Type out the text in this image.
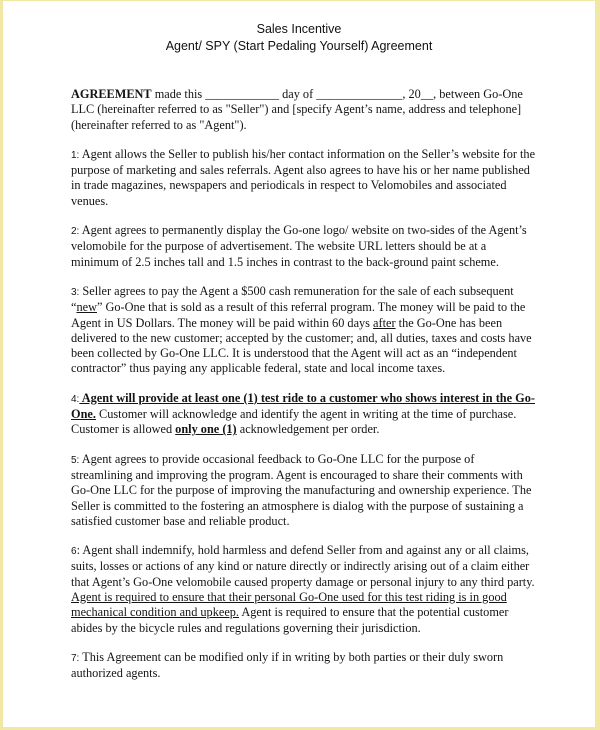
Sales Incentive
Agent/ SPY (Start Pedaling Yourself) Agreement

AGREEMENT made this ____________ day of ______________, 20__, between Go-One LLC (hereinafter referred to as "Seller") and [specify Agent’s name, address and telephone] (hereinafter referred to as "Agent").

1: Agent allows the Seller to publish his/her contact information on the Seller’s website for the purpose of marketing and sales referrals. Agent also agrees to have his or her name published in trade magazines, newspapers and periodicals in respect to Velomobiles and associated venues.

2: Agent agrees to permanently display the Go-one logo/ website on two-sides of the Agent’s velomobile for the purpose of advertisement. The website URL letters should be at a minimum of 2.5 inches tall and 1.5 inches in contrast to the back-ground paint scheme.

3: Seller agrees to pay the Agent a $500 cash remuneration for the sale of each subsequent “new” Go-One that is sold as a result of this referral program. The money will be paid to the Agent in US Dollars. The money will be paid within 60 days after the Go-One has been delivered to the new customer; accepted by the customer; and, all duties, taxes and costs have been collected by Go-One LLC. It is understood that the Agent will act as an “independent contractor” thus paying any applicable federal, state and local income taxes.

4: Agent will provide at least one (1) test ride to a customer who shows interest in the Go-One. Customer will acknowledge and identify the agent in writing at the time of purchase. Customer is allowed only one (1) acknowledgement per order.

5: Agent agrees to provide occasional feedback to Go-One LLC for the purpose of streamlining and improving the program. Agent is encouraged to share their comments with Go-One LLC for the purpose of improving the manufacturing and ownership experience. The Seller is committed to the fostering an atmosphere is dialog with the purpose of sustaining a satisfied customer base and reliable product.

6: Agent shall indemnify, hold harmless and defend Seller from and against any or all claims, suits, losses or actions of any kind or nature directly or indirectly arising out of a claim either that Agent’s Go-One velomobile caused property damage or personal injury to any third party. Agent is required to ensure that their personal Go-One used for this test riding is in good mechanical condition and upkeep. Agent is required to ensure that the potential customer abides by the bicycle rules and regulations governing their jurisdiction.

7: This Agreement can be modified only if in writing by both parties or their duly sworn authorized agents.
